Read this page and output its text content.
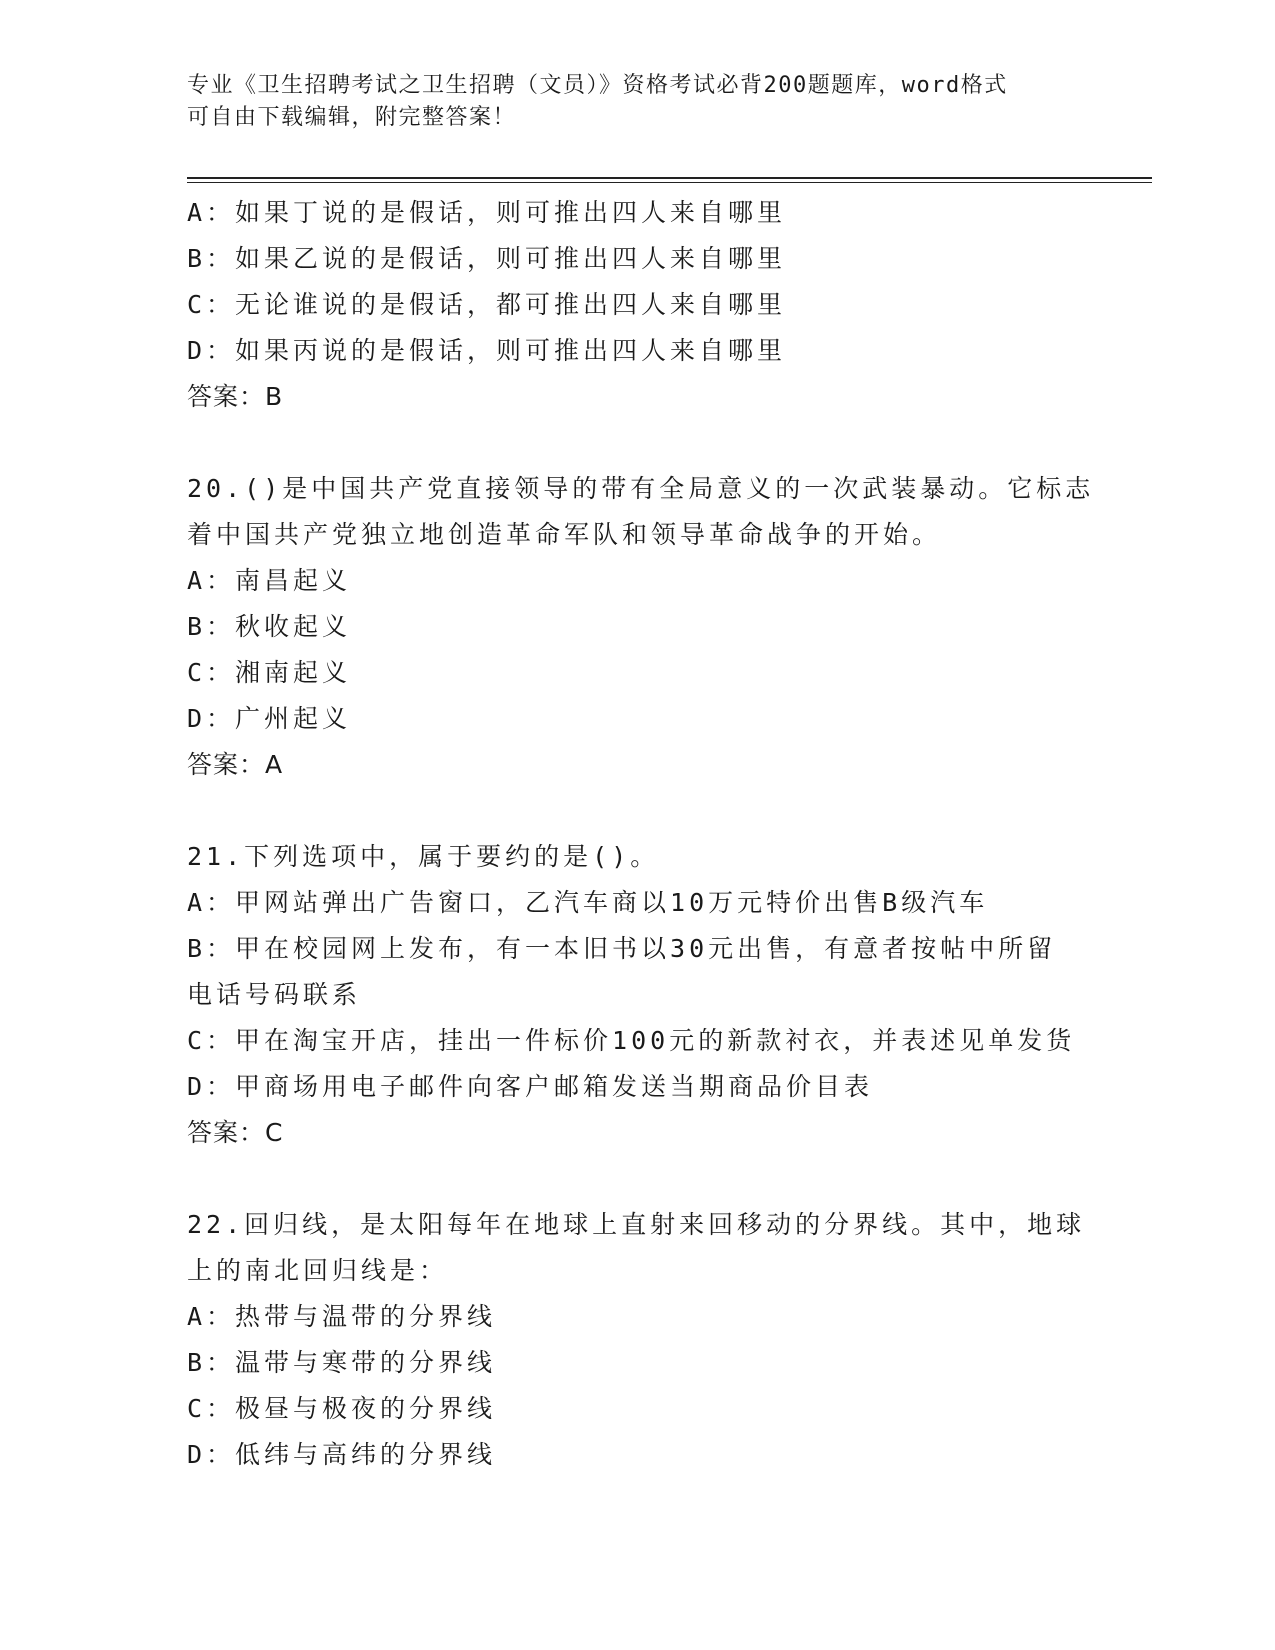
专业《卫生招聘考试之卫生招聘（文员）》资格考试必背200题题库，word格式
可自由下载编辑，附完整答案！
A：如果丁说的是假话，则可推出四人来自哪里
B：如果乙说的是假话，则可推出四人来自哪里
C：无论谁说的是假话，都可推出四人来自哪里
D：如果丙说的是假话，则可推出四人来自哪里
答案：B
20.()是中国共产党直接领导的带有全局意义的一次武装暴动。它标志
着中国共产党独立地创造革命军队和领导革命战争的开始。
A：南昌起义
B：秋收起义
C：湘南起义
D：广州起义
答案：A
21.下列选项中，属于要约的是()。
A：甲网站弹出广告窗口，乙汽车商以10万元特价出售B级汽车
B：甲在校园网上发布，有一本旧书以30元出售，有意者按帖中所留
电话号码联系
C：甲在淘宝开店，挂出一件标价100元的新款衬衣，并表述见单发货
D：甲商场用电子邮件向客户邮箱发送当期商品价目表
答案：C
22.回归线，是太阳每年在地球上直射来回移动的分界线。其中，地球
上的南北回归线是：
A：热带与温带的分界线
B：温带与寒带的分界线
C：极昼与极夜的分界线
D：低纬与高纬的分界线
